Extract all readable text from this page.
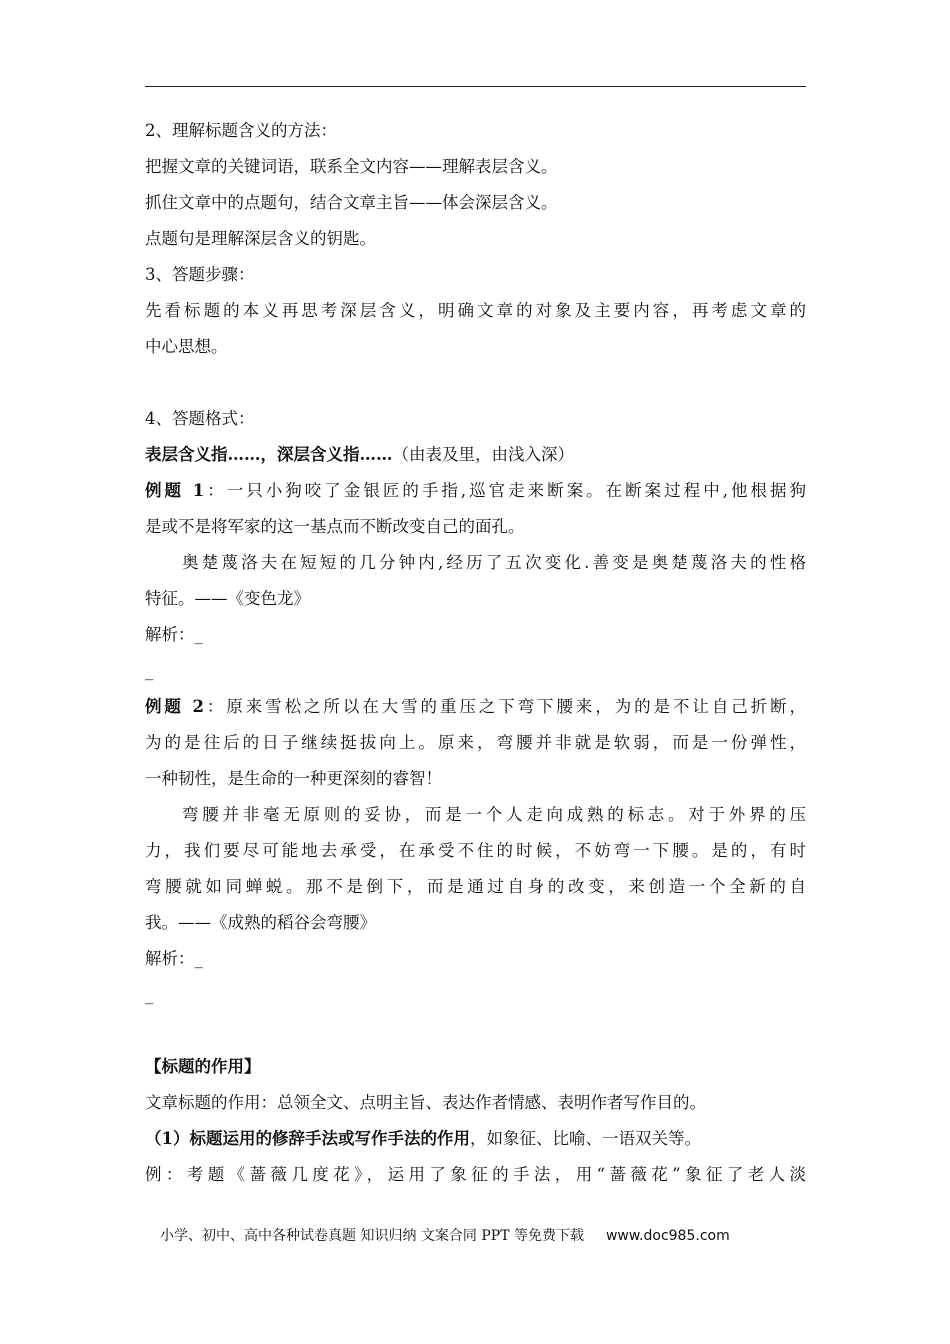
2、理解标题含义的方法：
把握文章的关键词语，联系全文内容——理解表层含义。
抓住文章中的点题句，结合文章主旨——体会深层含义。
点题句是理解深层含义的钥匙。
3、答题步骤：
先看标题的本义再思考深层含义，明确文章的对象及主要内容，再考虑文章的
中心思想。
4、答题格式：
表层含义指……，深层含义指……（由表及里，由浅入深）
例题 1：一只小狗咬了金银匠的手指,巡官走来断案。在断案过程中,他根据狗
是或不是将军家的这一基点而不断改变自己的面孔。
奥楚蔑洛夫在短短的几分钟内,经历了五次变化.善变是奥楚蔑洛夫的性格
特征。——《变色龙》
解析：_
_
例题 2：原来雪松之所以在大雪的重压之下弯下腰来，为的是不让自己折断，
为的是往后的日子继续挺拔向上。原来，弯腰并非就是软弱，而是一份弹性，
一种韧性，是生命的一种更深刻的睿智！
弯腰并非毫无原则的妥协，而是一个人走向成熟的标志。对于外界的压
力，我们要尽可能地去承受，在承受不住的时候，不妨弯一下腰。是的，有时
弯腰就如同蝉蜕。那不是倒下，而是通过自身的改变，来创造一个全新的自
我。——《成熟的稻谷会弯腰》
解析：_
_
【标题的作用】
文章标题的作用：总领全文、点明主旨、表达作者情感、表明作者写作目的。
（1）标题运用的修辞手法或写作手法的作用，如象征、比喻、一语双关等。
例：考题《蔷薇几度花》，运用了象征的手法，用“蔷薇花”象征了老人淡
小学、初中、高中各种试卷真题 知识归纳 文案合同 PPT 等免费下载 www.doc985.com
